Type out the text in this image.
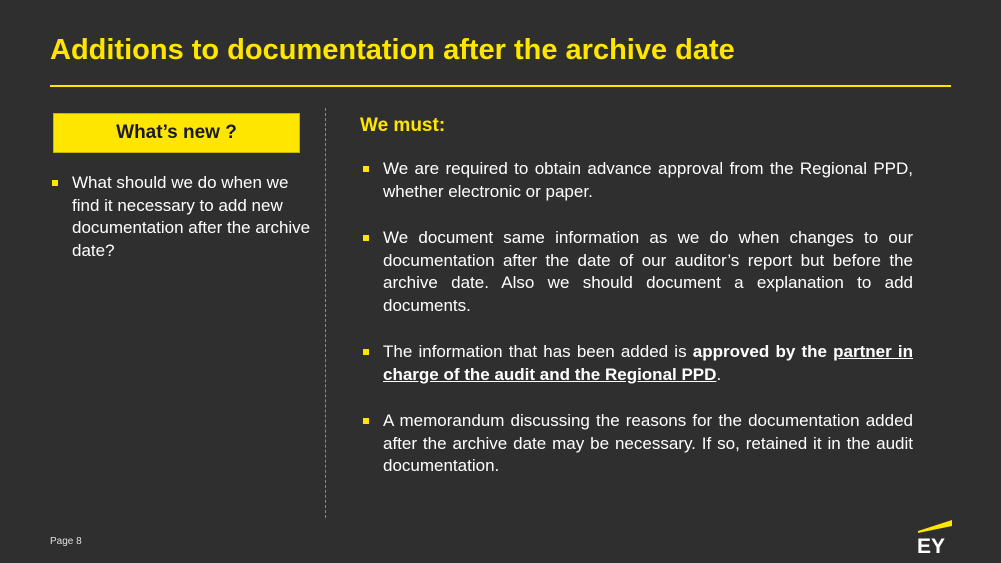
Additions to documentation after the archive date
What’s new ?
What should we do when we find it necessary to add new documentation after the archive date?
We must:
We are required to obtain advance approval from the Regional PPD, whether electronic or paper.
We document same information as we do when changes to our documentation after the date of our auditor’s report but before the archive date. Also we should document a explanation to add documents.
The information that has been added is approved by the partner in charge of the audit and the Regional PPD.
A memorandum discussing the reasons for the documentation added after the archive date may be necessary. If so, retained it in the audit documentation.
Page 8	EY
